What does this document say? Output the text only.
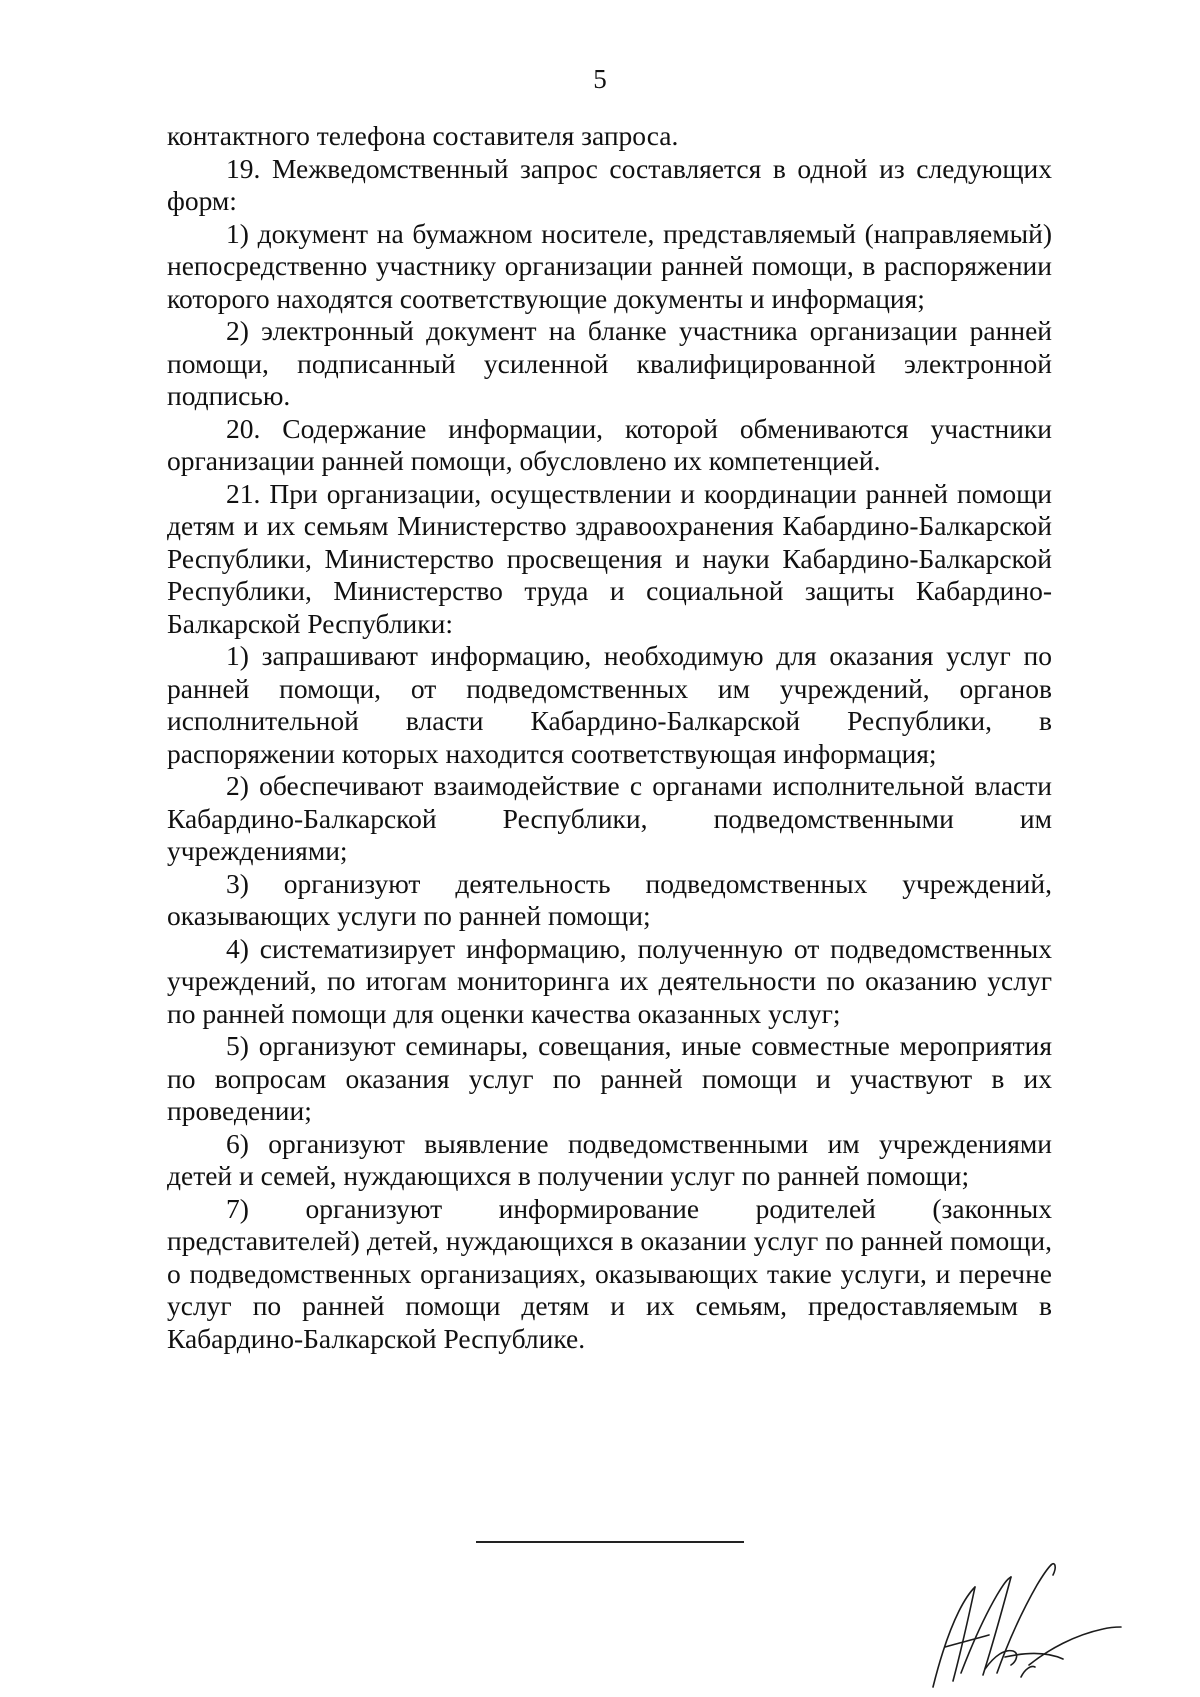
5

контактного телефона составителя запроса.

19. Межведомственный запрос составляется в одной из следующих форм:

1) документ на бумажном носителе, представляемый (направляемый) непосредственно участнику организации ранней помощи, в распоряжении которого находятся соответствующие документы и информация;

2) электронный документ на бланке участника организации ранней помощи, подписанный усиленной квалифицированной электронной подписью.

20. Содержание информации, которой обмениваются участники организации ранней помощи, обусловлено их компетенцией.

21. При организации, осуществлении и координации ранней помощи детям и их семьям Министерство здравоохранения Кабардино-Балкарской Республики, Министерство просвещения и науки Кабардино-Балкарской Республики, Министерство труда и социальной защиты Кабардино-Балкарской Республики:

1) запрашивают информацию, необходимую для оказания услуг по ранней помощи, от подведомственных им учреждений, органов исполнительной власти Кабардино-Балкарской Республики, в распоряжении которых находится соответствующая информация;

2) обеспечивают взаимодействие с органами исполнительной власти Кабардино-Балкарской Республики, подведомственными им учреждениями;

3) организуют деятельность подведомственных учреждений, оказывающих услуги по ранней помощи;

4) систематизирует информацию, полученную от подведомственных учреждений, по итогам мониторинга их деятельности по оказанию услуг по ранней помощи для оценки качества оказанных услуг;

5) организуют семинары, совещания, иные совместные мероприятия по вопросам оказания услуг по ранней помощи и участвуют в их проведении;

6) организуют выявление подведомственными им учреждениями детей и семей, нуждающихся в получении услуг по ранней помощи;

7) организуют информирование родителей (законных представителей) детей, нуждающихся в оказании услуг по ранней помощи, о подведомственных организациях, оказывающих такие услуги, и перечне услуг по ранней помощи детям и их семьям, предоставляемым в Кабардино-Балкарской Республике.
